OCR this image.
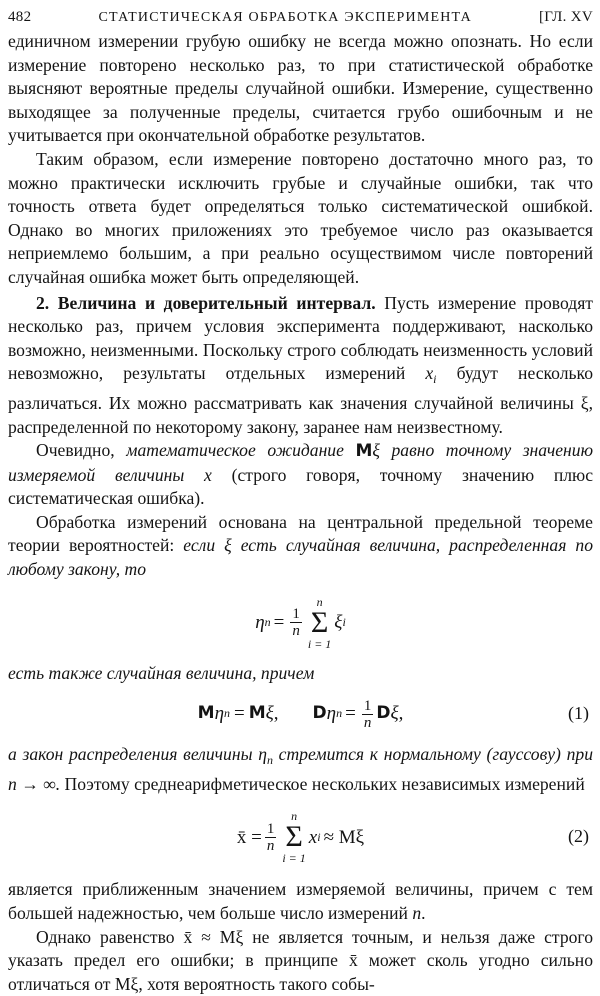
482	СТАТИСТИЧЕСКАЯ ОБРАБОТКА ЭКСПЕРИМЕНТА	[ГЛ. XV

единичном измерении грубую ошибку не всегда можно опознать. Но если измерение повторено несколько раз, то при статистической обработке выясняют вероятные пределы случайной ошибки. Измерение, существенно выходящее за полученные пределы, считается грубо ошибочным и не учитывается при окончательной обработке результатов.

Таким образом, если измерение повторено достаточно много раз, то можно практически исключить грубые и случайные ошибки, так что точность ответа будет определяться только систематической ошибкой. Однако во многих приложениях это требуемое число раз оказывается неприемлемо большим, а при реально осуществимом числе повторений случайная ошибка может быть определяющей.

2. Величина и доверительный интервал. Пусть измерение проводят несколько раз, причем условия эксперимента поддерживают, насколько возможно, неизменными. Поскольку строго соблюдать неизменность условий невозможно, результаты отдельных измерений $x_i$ будут несколько различаться. Их можно рассматривать как значения случайной величины ξ, распределенной по некоторому закону, заранее нам неизвестному.

Очевидно, математическое ожидание Mξ равно точному значению измеряемой величины x (строго говоря, точному значению плюс систематическая ошибка).

Обработка измерений основана на центральной предельной теореме теории вероятностей: если ξ есть случайная величина, распределенная по любому закону, то

η $n = \frac{1}{n}$
n
Σ
i = 1
ξ i

есть также случайная величина, причем

M η n = M ξ , D η $n = \frac{1}{n}$ D ξ ,	(1)

а закон распределения величины $\eta_n$ стремится к нормальному (гауссову) при n → ∞. Поэтому среднеарифметическое нескольких независимых измерений

x̄ = $\frac{1}{n}$
n
Σ
i = 1
x i ≈ Mξ	(2)

является приближенным значением измеряемой величины, причем с тем большей надежностью, чем больше число измерений n.

Однако равенство x̄ ≈ Mξ не является точным, и нельзя даже строго указать предел его ошибки; в принципе x̄ может сколь угодно сильно отличаться от Mξ, хотя вероятность такого собы-
